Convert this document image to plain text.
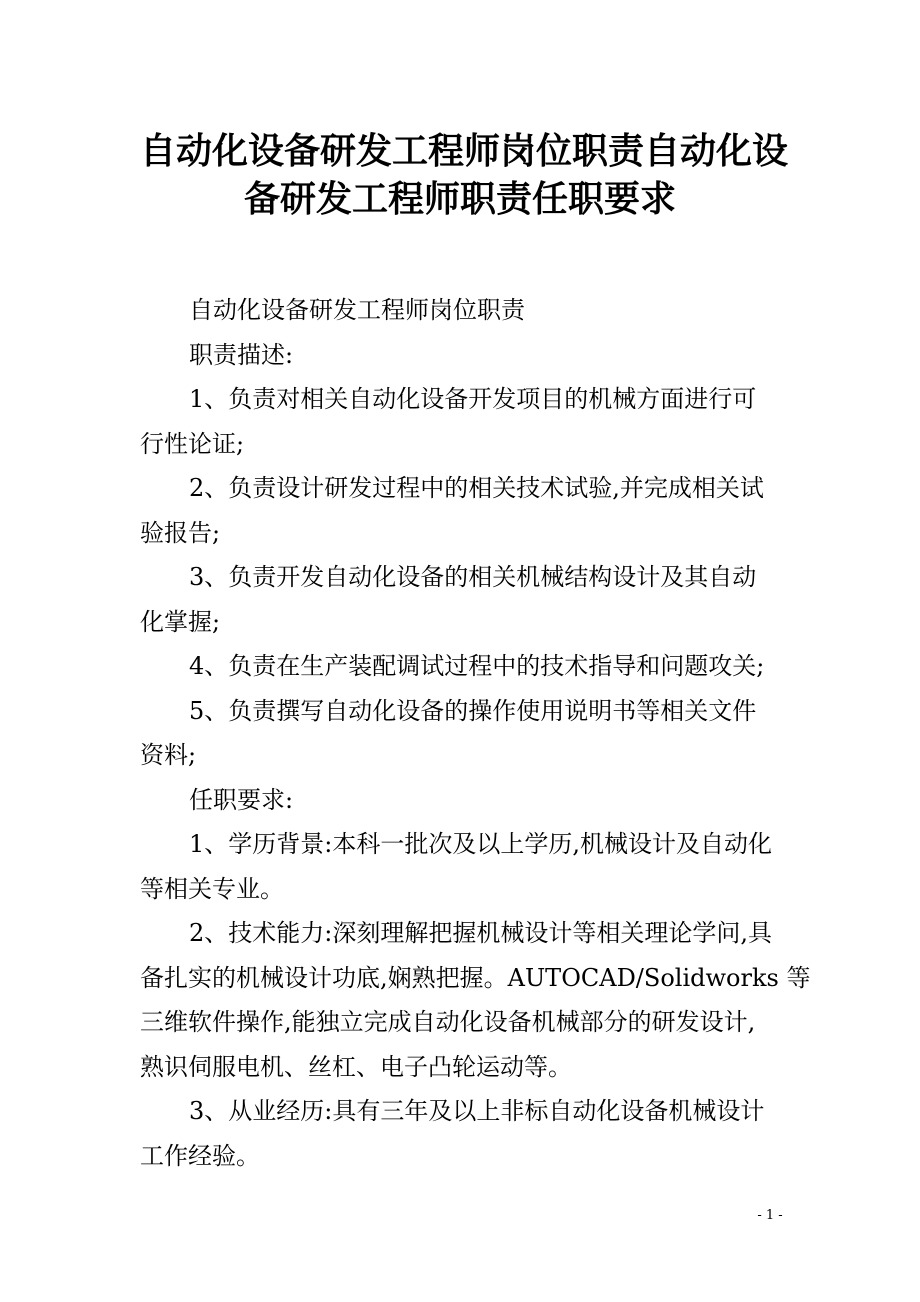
自动化设备研发工程师岗位职责自动化设
备研发工程师职责任职要求

自动化设备研发工程师岗位职责

职责描述:

1、负责对相关自动化设备开发项目的机械方面进行可

行性论证;

2、负责设计研发过程中的相关技术试验,并完成相关试

验报告;

3、负责开发自动化设备的相关机械结构设计及其自动

化掌握;

4、负责在生产装配调试过程中的技术指导和问题攻关;

5、负责撰写自动化设备的操作使用说明书等相关文件

资料;

任职要求:

1、学历背景:本科一批次及以上学历,机械设计及自动化

等相关专业。

2、技术能力:深刻理解把握机械设计等相关理论学问,具

备扎实的机械设计功底,娴熟把握。AUTOCAD/Solidworks 等

三维软件操作,能独立完成自动化设备机械部分的研发设计,

熟识伺服电机、丝杠、电子凸轮运动等。

3、从业经历:具有三年及以上非标自动化设备机械设计

工作经验。

- 1 -
